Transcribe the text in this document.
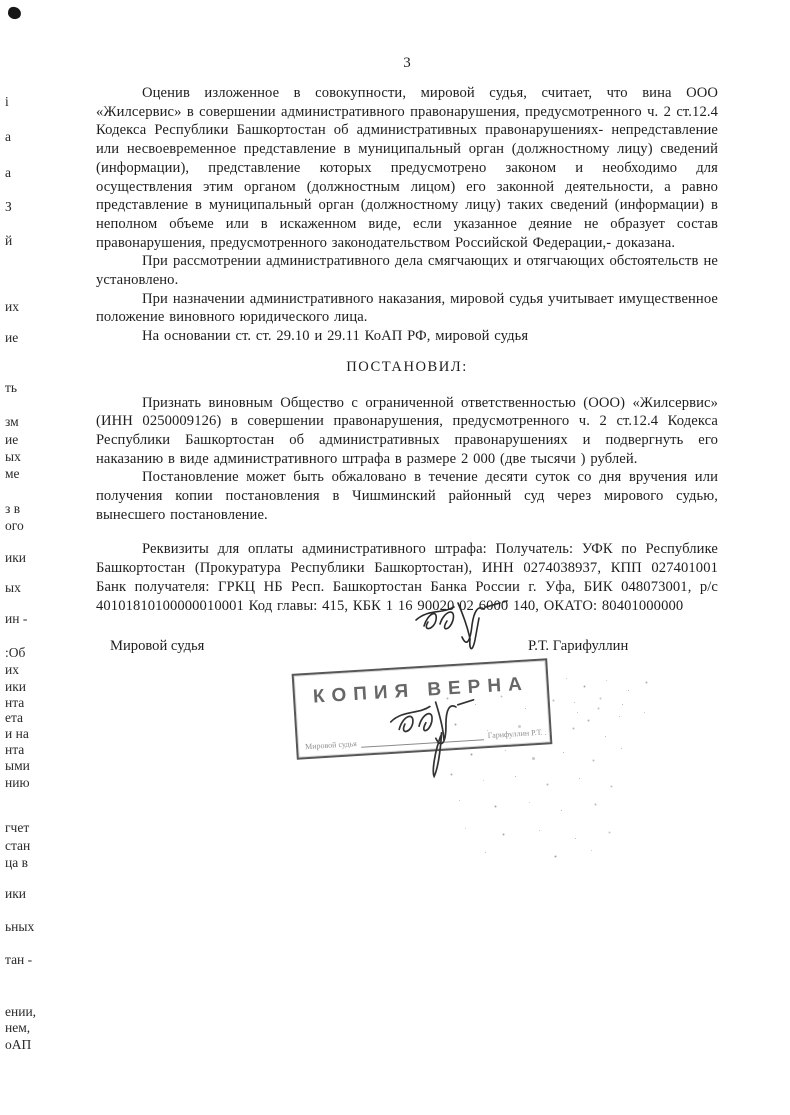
3

Оценив изложенное в совокупности, мировой судья, считает, что вина ООО «Жилсервис» в совершении административного правонарушения, предусмотренного ч. 2 ст.12.4 Кодекса Республики Башкортостан об административных правонарушениях- непредставление или несвоевременное представление в муниципальный орган (должностному лицу) сведений (информации), представление которых предусмотрено законом и необходимо для осуществления этим органом (должностным лицом) его законной деятельности, а равно представление в муниципальный орган (должностному лицу) таких сведений (информации) в неполном объеме или в искаженном виде, если указанное деяние не образует состав правонарушения, предусмотренного законодательством Российской Федерации,- доказана.

При рассмотрении административного дела смягчающих и отягчающих обстоятельств не установлено.

При назначении административного наказания, мировой судья учитывает имущественное положение виновного юридического лица.

На основании ст. ст. 29.10 и 29.11 КоАП РФ, мировой судья

ПОСТАНОВИЛ:

Признать виновным Общество с ограниченной ответственностью (ООО) «Жилсервис» (ИНН 0250009126) в совершении правонарушения, предусмотренного ч. 2 ст.12.4 Кодекса Республики Башкортостан об административных правонарушениях и подвергнуть его наказанию в виде административного штрафа в размере 2 000 (две тысячи ) рублей.

Постановление может быть обжаловано в течение десяти суток со дня вручения или получения копии постановления в Чишминский районный суд через мирового судью, вынесшего постановление.

Реквизиты для оплаты административного штрафа: Получатель: УФК по Республике Башкортостан (Прокуратура Республики Башкортостан), ИНН 0274038937, КПП 027401001 Банк получателя: ГРКЦ НБ Респ. Башкортостан Банка России г. Уфа, БИК 048073001, р/с 40101810100000010001 Код главы: 415, КБК 1 16 90020 02 6000 140, ОКАТО: 80401000000

Мировой судья	Р.Т. Гарифуллин
КОПИЯ ВЕРНА
Мировой судья
Гарифуллин Р.Т.
і
а
а
З
й
их
ие
ть
зм
ие
ых
ме
з в
ого
ики
ых
ин -
:Об
их
ики
нта
ета
и на
нта
ыми
нию
гчет
стан
ца в
ики
ьных
тан -
ении,
нем,
оАП
